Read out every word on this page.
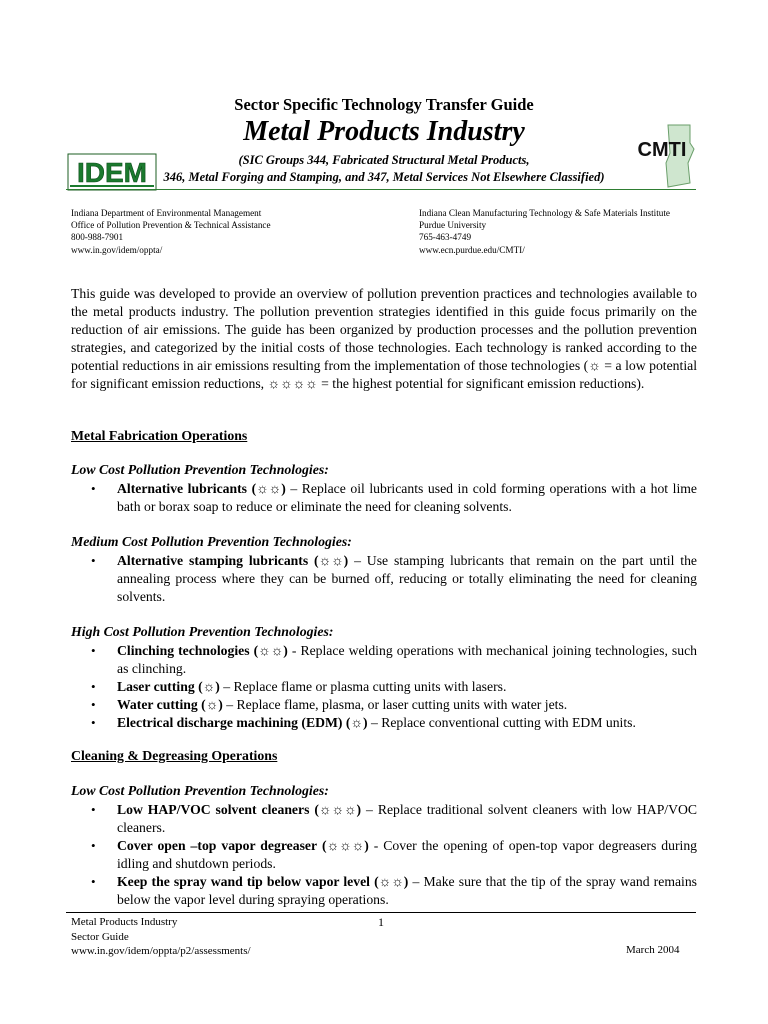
Sector Specific Technology Transfer Guide
Metal Products Industry
(SIC Groups 344, Fabricated Structural Metal Products,
346, Metal Forging and Stamping, and 347, Metal Services Not Elsewhere Classified)
IDEM
CMTI
Indiana Department of Environmental Management
Office of Pollution Prevention & Technical Assistance
800-988-7901
www.in.gov/idem/oppta/
Indiana Clean Manufacturing Technology & Safe Materials Institute
Purdue University
765-463-4749
www.ecn.purdue.edu/CMTI/
This guide was developed to provide an overview of pollution prevention practices and technologies available to the metal products industry. The pollution prevention strategies identified in this guide focus primarily on the reduction of air emissions. The guide has been organized by production processes and the pollution prevention strategies, and categorized by the initial costs of those technologies. Each technology is ranked according to the potential reductions in air emissions resulting from the implementation of those technologies (☼ = a low potential for significant emission reductions, ☼☼☼☼ = the highest potential for significant emission reductions).
Metal Fabrication Operations
Low Cost Pollution Prevention Technologies:
• Alternative lubricants (☼☼) – Replace oil lubricants used in cold forming operations with a hot lime bath or borax soap to reduce or eliminate the need for cleaning solvents.
Medium Cost Pollution Prevention Technologies:
• Alternative stamping lubricants (☼☼) – Use stamping lubricants that remain on the part until the annealing process where they can be burned off, reducing or totally eliminating the need for cleaning solvents.
High Cost Pollution Prevention Technologies:
• Clinching technologies (☼☼) - Replace welding operations with mechanical joining technologies, such as clinching.
• Laser cutting (☼) – Replace flame or plasma cutting units with lasers.
• Water cutting (☼) – Replace flame, plasma, or laser cutting units with water jets.
• Electrical discharge machining (EDM) (☼) – Replace conventional cutting with EDM units.
Cleaning & Degreasing Operations
Low Cost Pollution Prevention Technologies:
• Low HAP/VOC solvent cleaners (☼☼☼) – Replace traditional solvent cleaners with low HAP/VOC cleaners.
• Cover open –top vapor degreaser (☼☼☼) - Cover the opening of open-top vapor degreasers during idling and shutdown periods.
• Keep the spray wand tip below vapor level (☼☼) – Make sure that the tip of the spray wand remains below the vapor level during spraying operations.
Metal Products Industry
Sector Guide
www.in.gov/idem/oppta/p2/assessments/
1
March 2004
